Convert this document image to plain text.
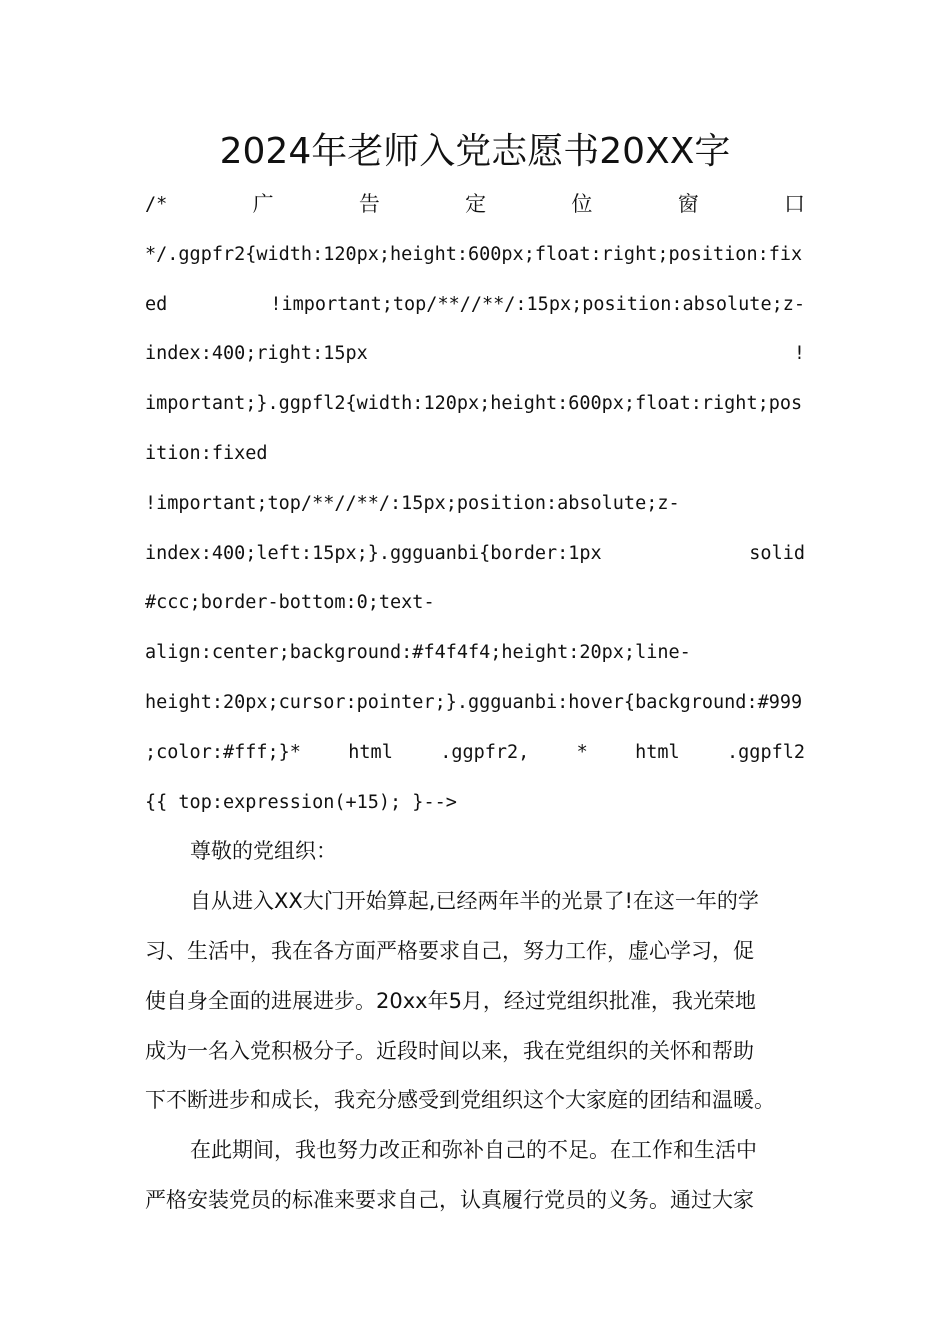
2024年老师入党志愿书20XX字
/*	广	告	定	位	窗	口
*/.ggpfr2{width:120px;height:600px;float:right;position:fix
ed	!important;top/**//**/:15px;position:absolute;z-
index:400;right:15px	!
important;}.ggpfl2{width:120px;height:600px;float:right;pos
ition:fixed
!important;top/**//**/:15px;position:absolute;z-
index:400;left:15px;}.ggguanbi{border:1px	solid
#ccc;border-bottom:0;text-
align:center;background:#f4f4f4;height:20px;line-
height:20px;cursor:pointer;}.ggguanbi:hover{background:#999
;color:#fff;}*	html	.ggpfr2,	*	html	.ggpfl2
{{ top:expression(+15); }-->
尊敬的党组织：
自从进入XX大门开始算起,已经两年半的光景了!在这一年的学
习、生活中，我在各方面严格要求自己，努力工作，虚心学习，促
使自身全面的进展进步。20xx年5月，经过党组织批准，我光荣地
成为一名入党积极分子。近段时间以来，我在党组织的关怀和帮助
下不断进步和成长，我充分感受到党组织这个大家庭的团结和温暖。
在此期间，我也努力改正和弥补自己的不足。在工作和生活中
严格安装党员的标准来要求自己，认真履行党员的义务。通过大家
